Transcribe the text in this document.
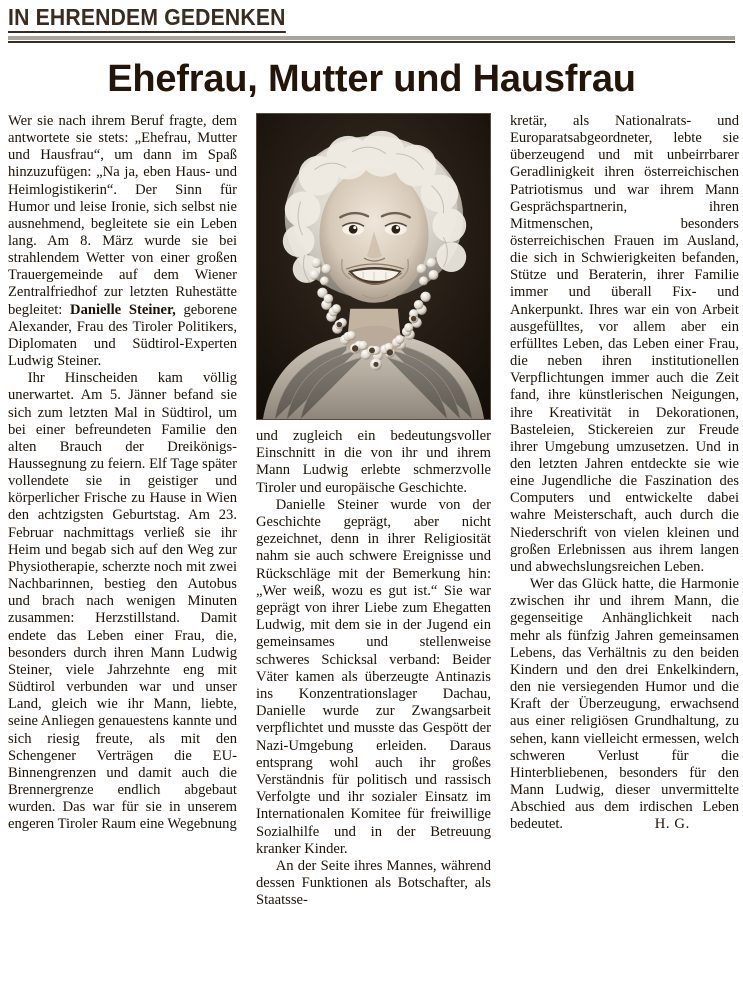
IN EHRENDEM GEDENKEN
Ehefrau, Mutter und Hausfrau

Wer sie nach ihrem Beruf fragte, dem antwortete sie stets: „Ehefrau, Mutter und Hausfrau“, um dann im Spaß hinzuzufügen: „Na ja, eben Haus- und Heimlogistikerin“. Der Sinn für Humor und leise Ironie, sich selbst nie ausnehmend, begleitete sie ein Leben lang. Am 8. März wurde sie bei strahlendem Wetter von einer großen Trauergemeinde auf dem Wiener Zentralfriedhof zur letzten Ruhestätte begleitet: Danielle Steiner, geborene Alexander, Frau des Tiroler Politikers, Diplomaten und Südtirol-Experten Ludwig Steiner.

Ihr Hinscheiden kam völlig unerwartet. Am 5. Jänner befand sie sich zum letzten Mal in Südtirol, um bei einer befreundeten Familie den alten Brauch der Dreikönigs-Haussegnung zu feiern. Elf Tage später vollendete sie in geistiger und körperlicher Frische zu Hause in Wien den achtzigsten Geburtstag. Am 23. Februar nachmittags verließ sie ihr Heim und begab sich auf den Weg zur Physiotherapie, scherzte noch mit zwei Nachbarinnen, bestieg den Autobus und brach nach wenigen Minuten zusammen: Herzstillstand. Damit endete das Leben einer Frau, die, besonders durch ihren Mann Ludwig Steiner, viele Jahrzehnte eng mit Südtirol verbunden war und unser Land, gleich wie ihr Mann, liebte, seine Anliegen genauestens kannte und sich riesig freute, als mit den Schengener Verträgen die EU-Binnengrenzen und damit auch die Brennergrenze endlich abgebaut wurden. Das war für sie in unserem engeren Tiroler Raum eine Wegebnung

und zugleich ein bedeutungsvoller Einschnitt in die von ihr und ihrem Mann Ludwig erlebte schmerzvolle Tiroler und europäische Geschichte.

Danielle Steiner wurde von der Geschichte geprägt, aber nicht gezeichnet, denn in ihrer Religiosität nahm sie auch schwere Ereignisse und Rückschläge mit der Bemerkung hin: „Wer weiß, wozu es gut ist.“ Sie war geprägt von ihrer Liebe zum Ehegatten Ludwig, mit dem sie in der Jugend ein gemeinsames und stellenweise schweres Schicksal verband: Beider Väter kamen als überzeugte Antinazis ins Konzentrationslager Dachau, Danielle wurde zur Zwangsarbeit verpflichtet und musste das Gespött der Nazi-Umgebung erleiden. Daraus entsprang wohl auch ihr großes Verständnis für politisch und rassisch Verfolgte und ihr sozialer Einsatz im Internationalen Komitee für freiwillige Sozialhilfe und in der Betreuung kranker Kinder.

An der Seite ihres Mannes, während dessen Funktionen als Botschafter, als Staatsse-

kretär, als Nationalrats- und Europaratsabgeordneter, lebte sie überzeugend und mit unbeirrbarer Geradlinigkeit ihren österreichischen Patriotismus und war ihrem Mann Gesprächspartnerin, ihren Mitmenschen, besonders österreichischen Frauen im Ausland, die sich in Schwierigkeiten befanden, Stütze und Beraterin, ihrer Familie immer und überall Fix- und Ankerpunkt. Ihres war ein von Arbeit ausgefülltes, vor allem aber ein erfülltes Leben, das Leben einer Frau, die neben ihren institutionellen Verpflichtungen immer auch die Zeit fand, ihre künstlerischen Neigungen, ihre Kreativität in Dekorationen, Basteleien, Stickereien zur Freude ihrer Umgebung umzusetzen. Und in den letzten Jahren entdeckte sie wie eine Jugendliche die Faszination des Computers und entwickelte dabei wahre Meisterschaft, auch durch die Niederschrift von vielen kleinen und großen Erlebnissen aus ihrem langen und abwechslungsreichen Leben.

Wer das Glück hatte, die Harmonie zwischen ihr und ihrem Mann, die gegenseitige Anhänglichkeit nach mehr als fünfzig Jahren gemeinsamen Lebens, das Verhältnis zu den beiden Kindern und den drei Enkelkindern, den nie versiegenden Humor und die Kraft der Überzeugung, erwachsend aus einer religiösen Grundhaltung, zu sehen, kann vielleicht ermessen, welch schweren Verlust für die Hinterbliebenen, besonders für den Mann Ludwig, dieser unvermittelte Abschied aus dem irdischen Leben bedeutet.	H. G.
